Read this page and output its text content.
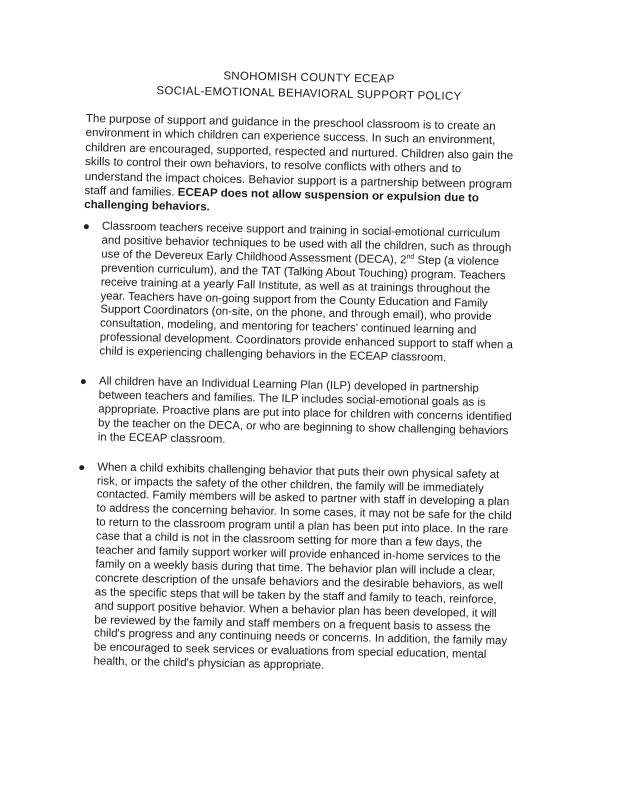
SNOHOMISH COUNTY ECEAP
SOCIAL-EMOTIONAL BEHAVIORAL SUPPORT POLICY

The purpose of support and guidance in the preschool classroom is to create an environment in which children can experience success. In such an environment, children are encouraged, supported, respected and nurtured. Children also gain the skills to control their own behaviors, to resolve conflicts with others and to understand the impact choices. Behavior support is a partnership between program staff and families. ECEAP does not allow suspension or expulsion due to challenging behaviors.

Classroom teachers receive support and training in social-emotional curriculum and positive behavior techniques to be used with all the children, such as through use of the Devereux Early Childhood Assessment (DECA), 2nd Step (a violence prevention curriculum), and the TAT (Talking About Touching) program. Teachers receive training at a yearly Fall Institute, as well as at trainings throughout the year. Teachers have on-going support from the County Education and Family Support Coordinators (on-site, on the phone, and through email), who provide consultation, modeling, and mentoring for teachers' continued learning and professional development. Coordinators provide enhanced support to staff when a child is experiencing challenging behaviors in the ECEAP classroom.
All children have an Individual Learning Plan (ILP) developed in partnership between teachers and families. The ILP includes social-emotional goals as is appropriate. Proactive plans are put into place for children with concerns identified by the teacher on the DECA, or who are beginning to show challenging behaviors in the ECEAP classroom.
When a child exhibits challenging behavior that puts their own physical safety at risk, or impacts the safety of the other children, the family will be immediately contacted. Family members will be asked to partner with staff in developing a plan to address the concerning behavior. In some cases, it may not be safe for the child to return to the classroom program until a plan has been put into place. In the rare case that a child is not in the classroom setting for more than a few days, the teacher and family support worker will provide enhanced in-home services to the family on a weekly basis during that time. The behavior plan will include a clear, concrete description of the unsafe behaviors and the desirable behaviors, as well as the specific steps that will be taken by the staff and family to teach, reinforce, and support positive behavior. When a behavior plan has been developed, it will be reviewed by the family and staff members on a frequent basis to assess the child's progress and any continuing needs or concerns. In addition, the family may be encouraged to seek services or evaluations from special education, mental health, or the child's physician as appropriate.
